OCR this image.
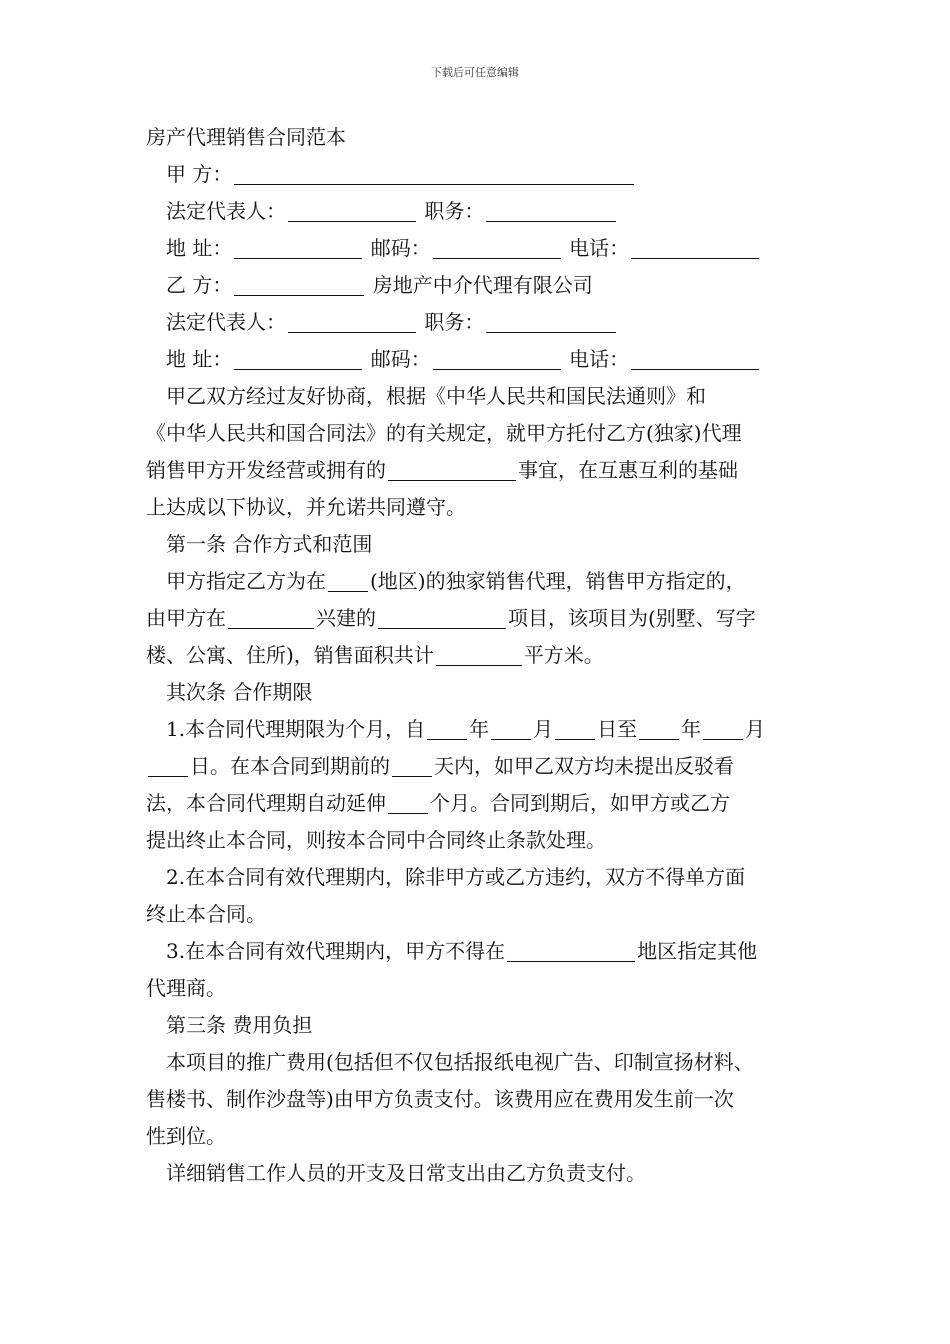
下载后可任意编辑
房产代理销售合同范本
甲 方：
法定代表人：	职务：
地 址：	邮码：	电话：
乙 方：	房地产中介代理有限公司
法定代表人：	职务：
地 址：	邮码：	电话：
甲乙双方经过友好协商，根据《中华人民共和国民法通则》和
《中华人民共和国合同法》的有关规定，就甲方托付乙方(独家)代理
销售甲方开发经营或拥有的	事宜，在互惠互利的基础
上达成以下协议，并允诺共同遵守。
第一条 合作方式和范围
甲方指定乙方为在 (地区)的独家销售代理，销售甲方指定的，
由甲方在	兴建的	项目，该项目为(别墅、写字
楼、公寓、住所)，销售面积共计	平方米。
其次条 合作期限
1.本合同代理期限为个月，自 年 月 日至 年 月
日。在本合同到期前的 天内，如甲乙双方均未提出反驳看
法，本合同代理期自动延伸 个月。合同到期后，如甲方或乙方
提出终止本合同，则按本合同中合同终止条款处理。
2.在本合同有效代理期内，除非甲方或乙方违约，双方不得单方面
终止本合同。
3.在本合同有效代理期内，甲方不得在	地区指定其他
代理商。
第三条 费用负担
本项目的推广费用(包括但不仅包括报纸电视广告、印制宣扬材料、
售楼书、制作沙盘等)由甲方负责支付。该费用应在费用发生前一次
性到位。
详细销售工作人员的开支及日常支出由乙方负责支付。
